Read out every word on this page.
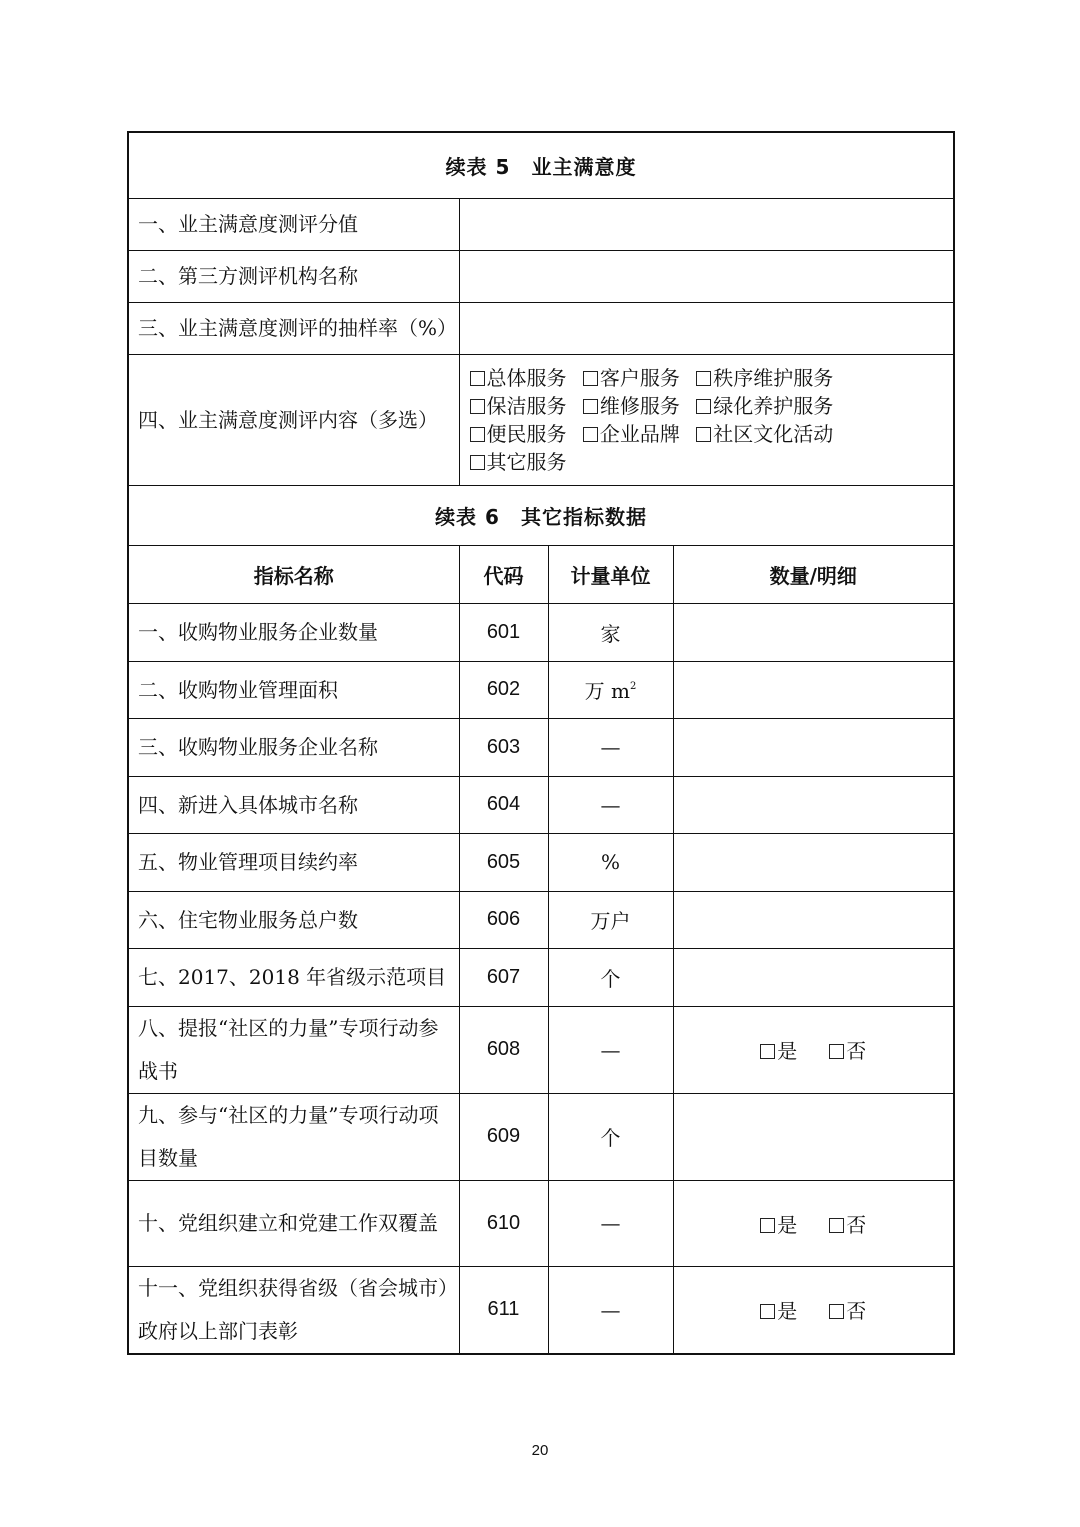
续表 5　业主满意度			
一、业主满意度测评分值			
二、第三方测评机构名称			
三、业主满意度测评的抽样率（%）			
四、业主满意度测评内容（多选）	总体服务 客户服务 秩序维护服务
保洁服务 维修服务 绿化养护服务
便民服务 企业品牌 社区文化活动
其它服务		

续表 6　其它指标数据			
指标名称	代码	计量单位	数量/明细
一、收购物业服务企业数量	601	家	
二、收购物业管理面积	602	万 $m^2$	
三、收购物业服务企业名称	603	—	
四、新进入具体城市名称	604	—	
五、物业管理项目续约率	605	%	
六、住宅物业服务总户数	606	万户	
七、2017、2018 年省级示范项目	607	个	
八、提报“社区的力量”专项行动参战书	608	—	是 否
九、参与“社区的力量”专项行动项目数量	609	个	
十、党组织建立和党建工作双覆盖	610	—	是 否
十一、党组织获得省级（省会城市）政府以上部门表彰	611	—	是 否
20
